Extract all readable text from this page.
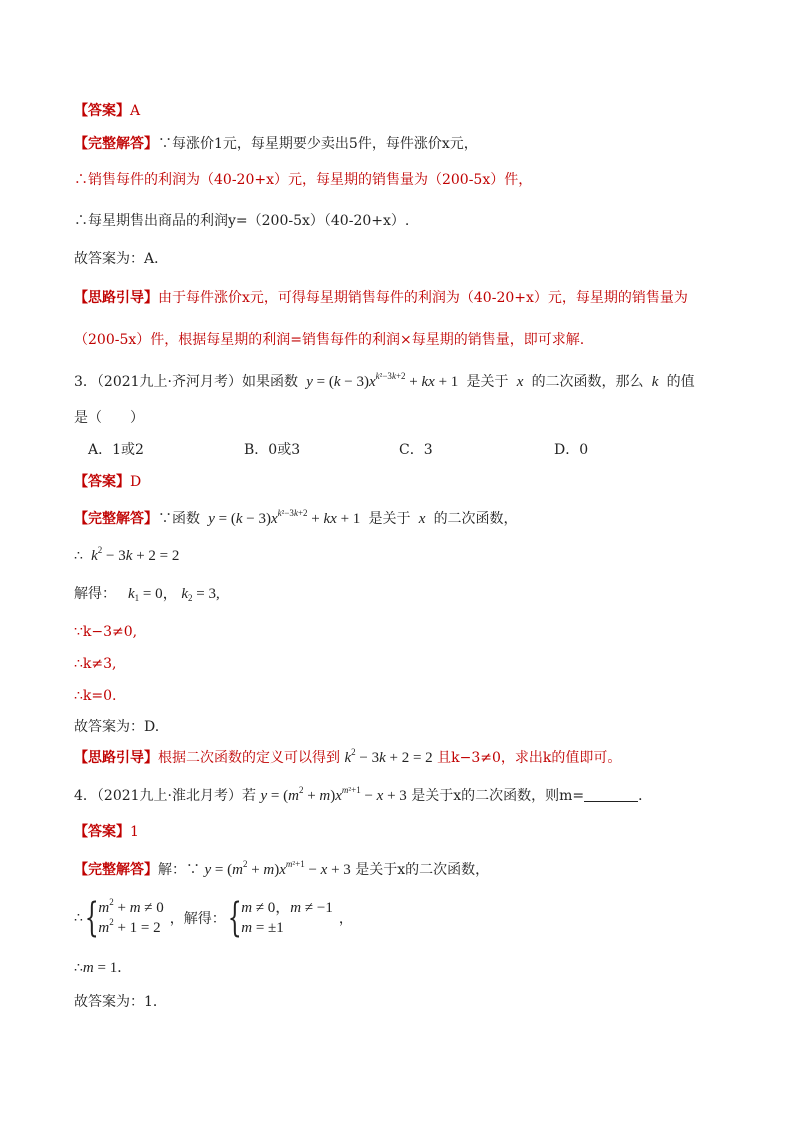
【答案】A
【完整解答】∵每涨价1元，每星期要少卖出5件，每件涨价x元，
∴销售每件的利润为（40-20+x）元，每星期的销售量为（200-5x）件，
∴每星期售出商品的利润y=（200-5x）（40-20+x）.
故答案为：A．
【思路引导】由于每件涨价x元，可得每星期销售每件的利润为（40-20+x）元，每星期的销售量为
（200-5x）件，根据每星期的利润=销售每件的利润×每星期的销售量，即可求解.
3．（2021九上·齐河月考）如果函数  $y = (k - 3)x^{k^2-3k+2}$ + kx + 1  是关于  x  的二次函数，那么  k  的值
是（　　）
A．1或2	B．0或3	C．3	D．0
【答案】D
【完整解答】∵函数 $y = (k - 3)x^{k^2-3k+2}$ + kx + 1  是关于  x  的二次函数，
∴ $k^2 - 3k + 2 = 2$
解得： $k_1 = 0$， $k_2 = 3$,
∵k−3≠0,
∴k≠3,
∴k=0.
故答案为：D.
【思路引导】根据二次函数的定义可以得到 $k^2 - 3k + 2 = 2$ 且k−3≠0，求出k的值即可。
4．（2021九上·淮北月考）若 $y = (m^2 + m)x^{m^2+1} - x + 3$ 是关于x的二次函数，则m=	．
【答案】1
【完整解答】解：∵ $y = (m^2 + m)x^{m^2+1} - x + 3$ 是关于x的二次函数，
∴ { $m^2 + m \ne 0$
$m^2 + 1 = 2$
，解得： { m ≠ 0，m ≠ −1
m = ±1
，
∴m = 1．
故答案为：1．
